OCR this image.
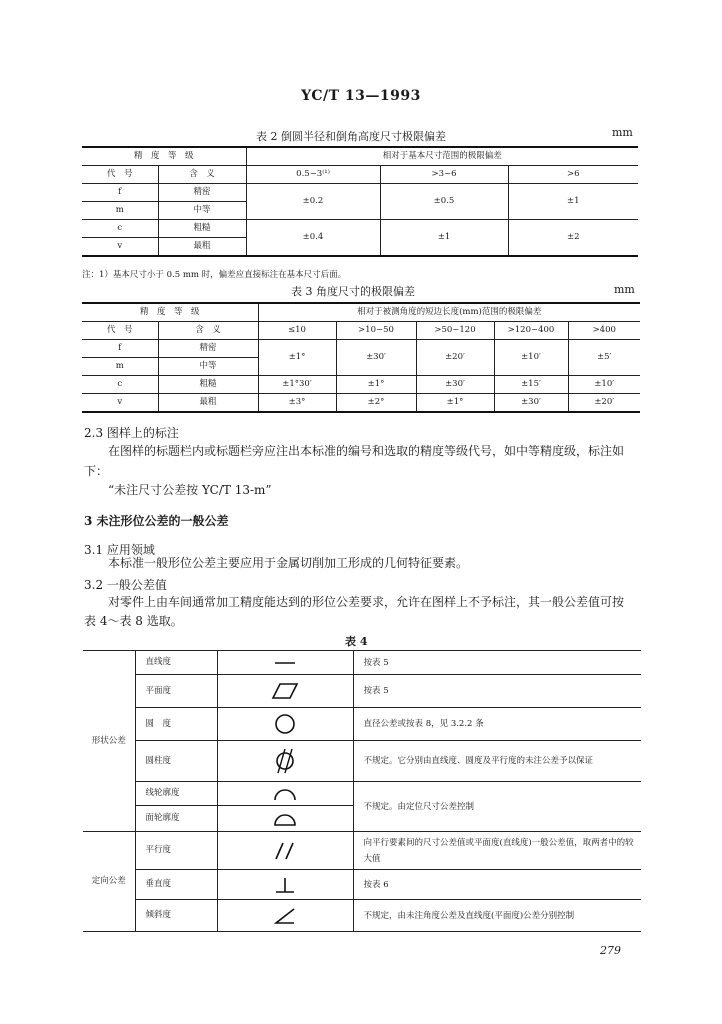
YC/T 13—1993
表 2 倒圆半径和倒角高度尺寸极限偏差	mm
精　度　等　级		相对于基本尺寸范围的极限偏差		
代　号	含　义	0.5~3⁽¹⁾	>3~6	>6
f	精密	±0.2	±0.5	±1
m	中等			
c	粗糙	±0.4	±1	±2
v	最粗			
注：1）基本尺寸小于 0.5 mm 时，偏差应直接标注在基本尺寸后面。
表 3 角度尺寸的极限偏差	mm
精　度　等　级		相对于被测角度的短边长度(mm)范围的极限偏差				
代　号	含　义	≤10	>10~50	>50~120	>120~400	>400
f	精密	±1°	±30′	±20′	±10′	±5′
m	中等					
c	粗糙	±1°30′	±1°	±30′	±15′	±10′
v	最粗	±3°	±2°	±1°	±30′	±20′
2.3 图样上的标注
在图样的标题栏内或标题栏旁应注出本标准的编号和选取的精度等级代号，如中等精度级，标注如
下：
“未注尺寸公差按 YC/T 13-m”
3 未注形位公差的一般公差
3.1 应用领域
本标准一般形位公差主要应用于金属切削加工形成的几何特征要素。
3.2 一般公差值
对零件上由车间通常加工精度能达到的形位公差要求，允许在图样上不予标注，其一般公差值可按
表 4～表 8 选取。
表 4
形状公差	直线度		按表 5
	平面度		按表 5
	圆　度		直径公差或按表 8，见 3.2.2 条
	圆柱度		不规定。它分别由直线度、圆度及平行度的未注公差予以保证
	线轮廓度		不规定。由定位尺寸公差控制
	面轮廓度	

定向公差	平行度		向平行要素间的尺寸公差值或平面度(直线度)一般公差值，取两者中的较大值
	垂直度		按表 6
	倾斜度		不规定，由未注角度公差及直线度(平面度)公差分别控制
279
